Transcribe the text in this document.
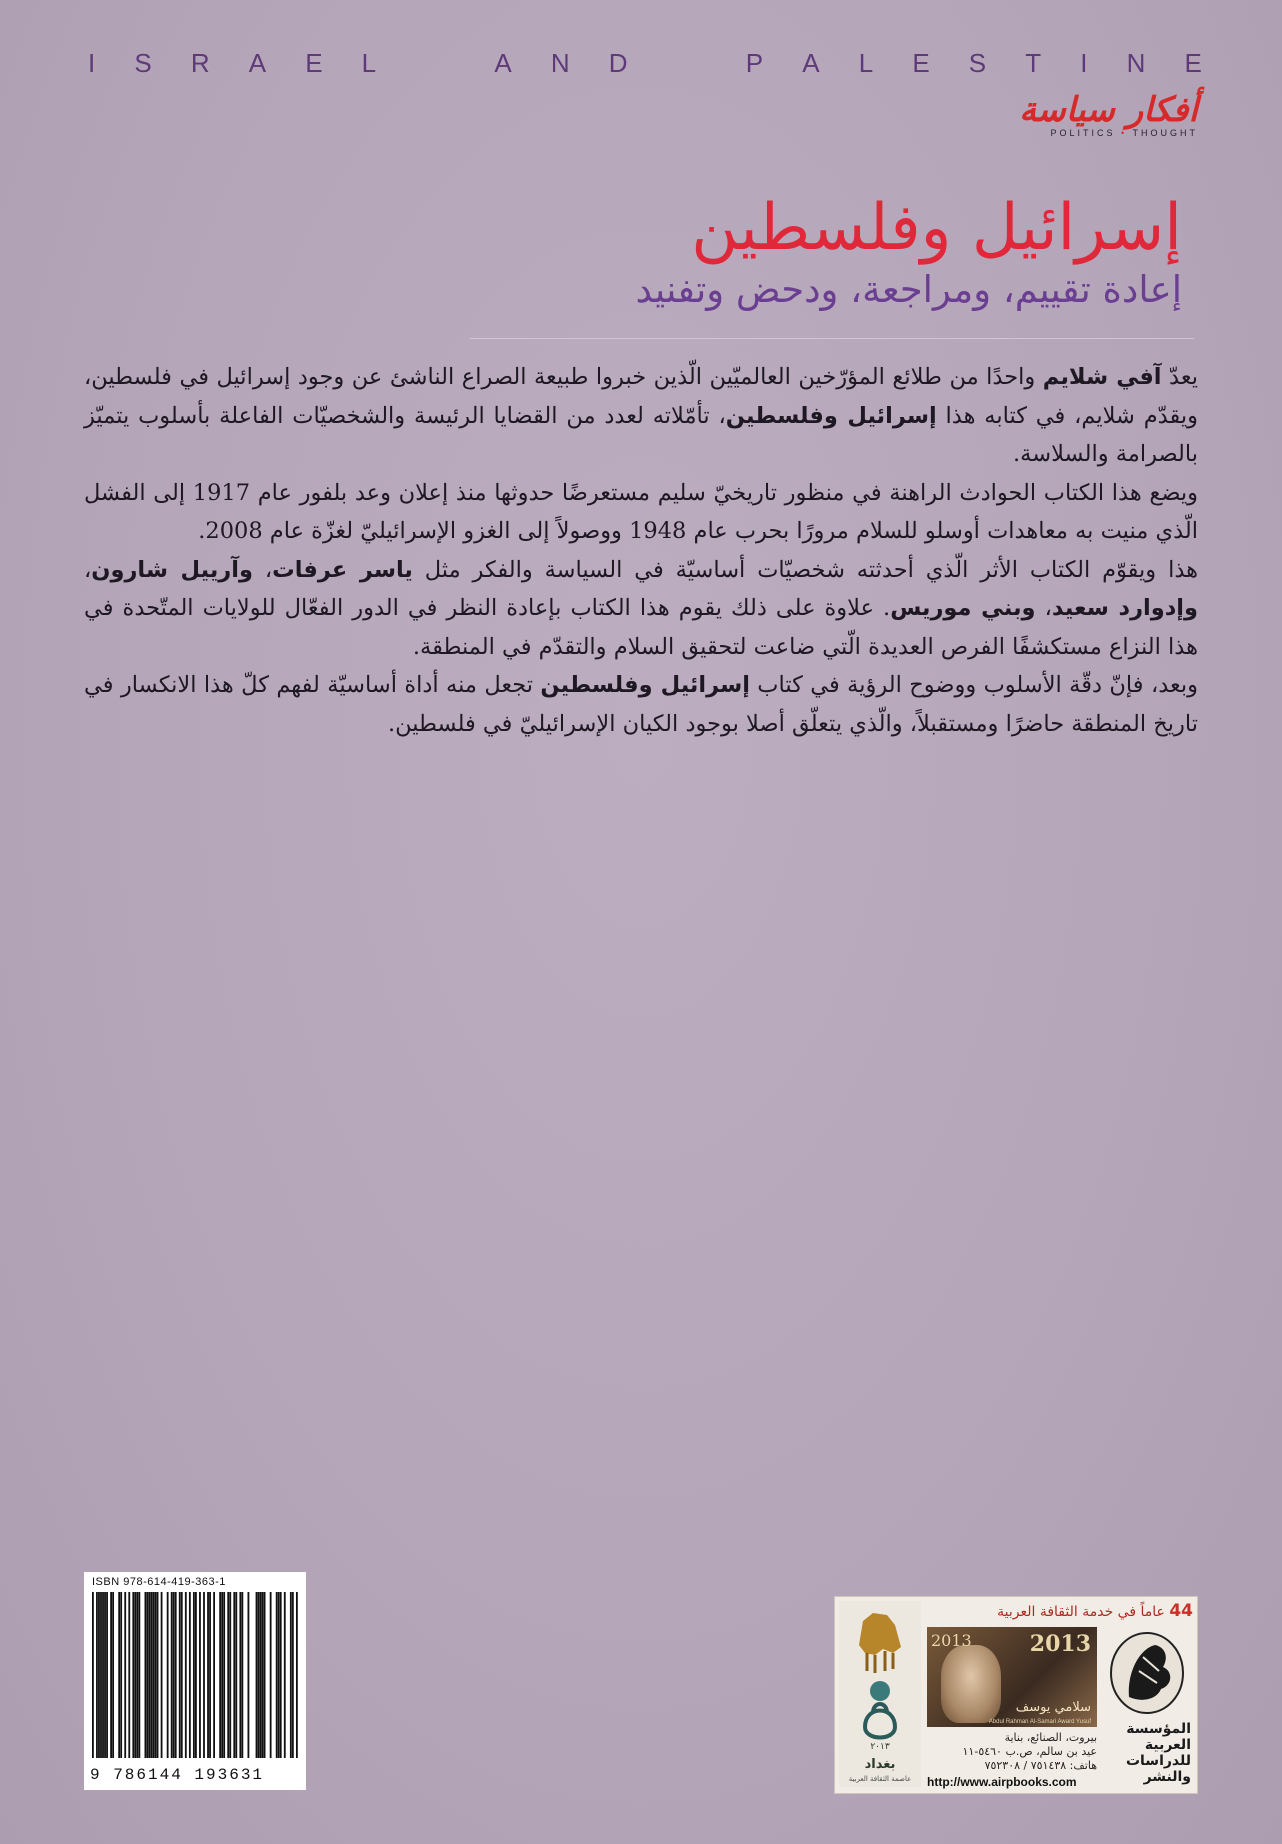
I S R A E L	A N D	P A L E S T I N E
أفكار سياسة
POLITICS • THOUGHT
إسرائيل وفلسطين
إعادة تقييم، ومراجعة، ودحض وتفنيد

يعدّ آفي شلايم واحدًا من طلائع المؤرّخين العالميّين الّذين خبروا طبيعة الصراع الناشئ عن وجود إسرائيل في فلسطين، ويقدّم شلايم، في كتابه هذا إسرائيل وفلسطين، تأمّلاته لعدد من القضايا الرئيسة والشخصيّات الفاعلة بأسلوب يتميّز بالصرامة والسلاسة.

ويضع هذا الكتاب الحوادث الراهنة في منظور تاريخيّ سليم مستعرضًا حدوثها منذ إعلان وعد بلفور عام 1917 إلى الفشل الّذي منيت به معاهدات أوسلو للسلام مرورًا بحرب عام 1948 ووصولاً إلى الغزو الإسرائيليّ لغزّة عام 2008.

هذا ويقوّم الكتاب الأثر الّذي أحدثته شخصيّات أساسيّة في السياسة والفكر مثل ياسر عرفات، وآرييل شارون، وإدوارد سعيد، وبني موريس. علاوة على ذلك يقوم هذا الكتاب بإعادة النظر في الدور الفعّال للولايات المتّحدة في هذا النزاع مستكشفًا الفرص العديدة الّتي ضاعت لتحقيق السلام والتقدّم في المنطقة.

وبعد، فإنّ دقّة الأسلوب ووضوح الرؤية في كتاب إسرائيل وفلسطين تجعل منه أداة أساسيّة لفهم كلّ هذا الانكسار في تاريخ المنطقة حاضرًا ومستقبلاً، والّذي يتعلّق أصلا بوجود الكيان الإسرائيليّ في فلسطين.

ISBN 978-614-419-363-1
9 786144 193631
٢٠١٣
بغداد
عاصمة الثقافة العربية
44 عاماً في خدمة الثقافة العربية
2013	2013
سلامي يوسف
Abdul Rahman Al-Samari Award Yusuf
بيروت، الصنائع، بناية
عيد بن سالم، ص.ب ٥٤٦٠-١١
هاتف: ٧٥١٤٣٨ / ٧٥٢٣٠٨
http://www.airpbooks.com
المؤسسة العربية للدراسات والنشر
